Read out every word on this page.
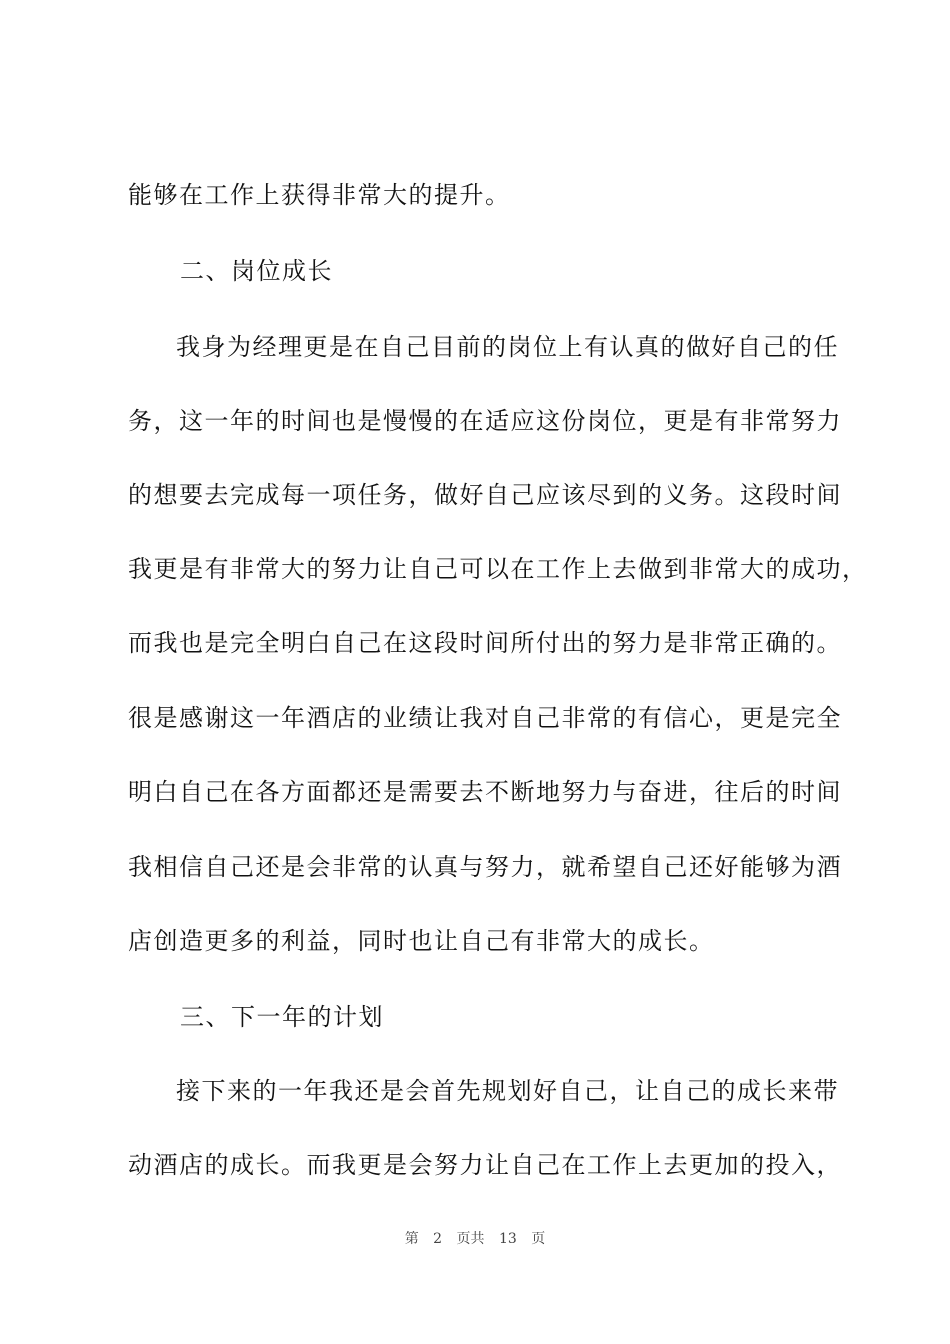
能够在工作上获得非常大的提升。
二、岗位成长
我身为经理更是在自己目前的岗位上有认真的做好自己的任
务，这一年的时间也是慢慢的在适应这份岗位，更是有非常努力
的想要去完成每一项任务，做好自己应该尽到的义务。这段时间
我更是有非常大的努力让自己可以在工作上去做到非常大的成功，
而我也是完全明白自己在这段时间所付出的努力是非常正确的。
很是感谢这一年酒店的业绩让我对自己非常的有信心，更是完全
明白自己在各方面都还是需要去不断地努力与奋进，往后的时间
我相信自己还是会非常的认真与努力，就希望自己还好能够为酒
店创造更多的利益，同时也让自己有非常大的成长。
三、下一年的计划
接下来的一年我还是会首先规划好自己，让自己的成长来带
动酒店的成长。而我更是会努力让自己在工作上去更加的投入，
第 2 页共 13 页
